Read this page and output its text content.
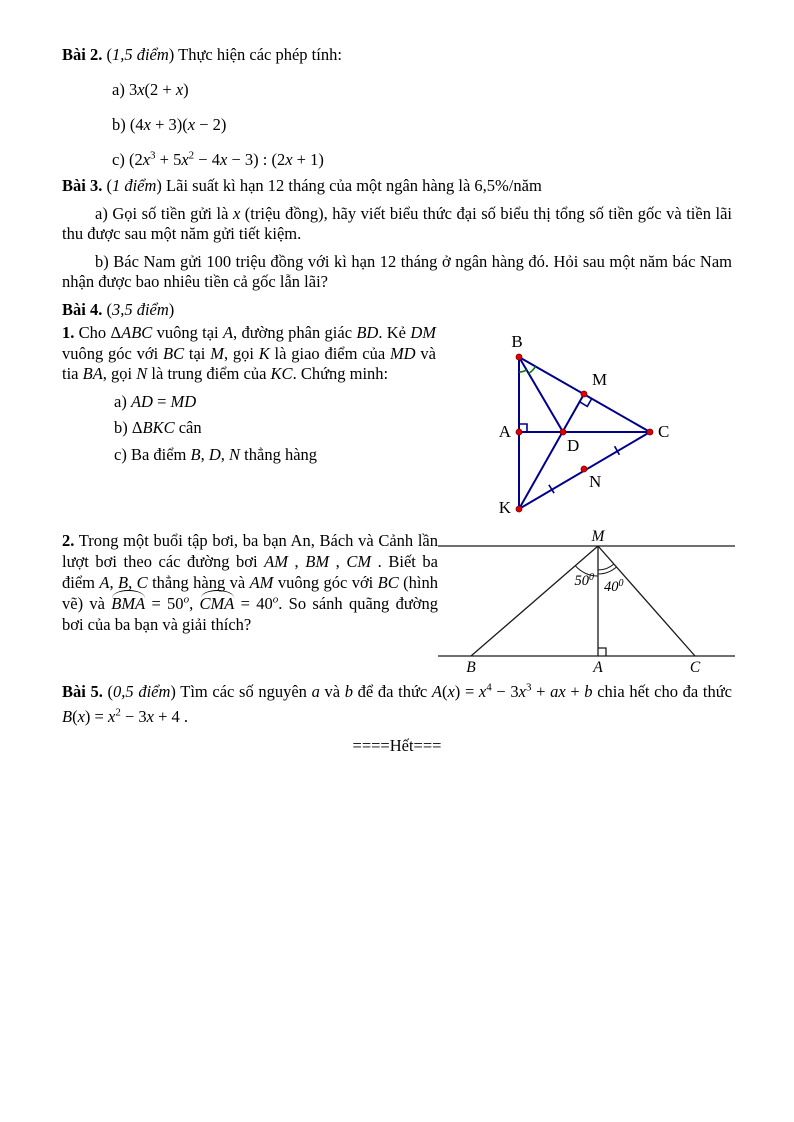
Bài 2. (1,5 điểm) Thực hiện các phép tính:

a) 3x(2 + x)
b) (4x + 3)(x − 2)
c) $(2x^3 + 5x^2 - 4x - 3)$ : (2x + 1)

Bài 3. (1 điểm) Lãi suất kì hạn 12 tháng của một ngân hàng là 6,5%/năm

a) Gọi số tiền gửi là x (triệu đồng), hãy viết biểu thức đại số biểu thị tổng số tiền gốc và tiền lãi thu được sau một năm gửi tiết kiệm.

b) Bác Nam gửi 100 triệu đồng với kì hạn 12 tháng ở ngân hàng đó. Hỏi sau một năm bác Nam nhận được bao nhiêu tiền cả gốc lẫn lãi?

Bài 4. (3,5 điểm)

1. Cho ΔABC vuông tại A, đường phân giác BD. Kẻ DM vuông góc với BC tại M, gọi K là giao điểm của MD và tia BA, gọi N là trung điểm của KC. Chứng minh:
a) AD = MD
b) ΔBKC cân
c) Ba điểm B, D, N thẳng hàng
B
M
A	C
D
K
N
2. Trong một buổi tập bơi, ba bạn An, Bách và Cảnh lần lượt bơi theo các đường bơi AM , BM , CM . Biết ba điểm A, B, C thẳng hàng và AM vuông góc với BC (hình vẽ) và BMA = $50^o$, CMA = $40^o$. So sánh quãng đường bơi của ba bạn và giải thích?
M
B	A	C
$50^0$
$40^0$

Bài 5. (0,5 điểm) Tìm các số nguyên a và b để đa thức $A(x) = x^4 - 3x^3$ + ax + b chia hết cho đa thức $B(x) = x^2 - 3x + 4$ .

====Hết===
